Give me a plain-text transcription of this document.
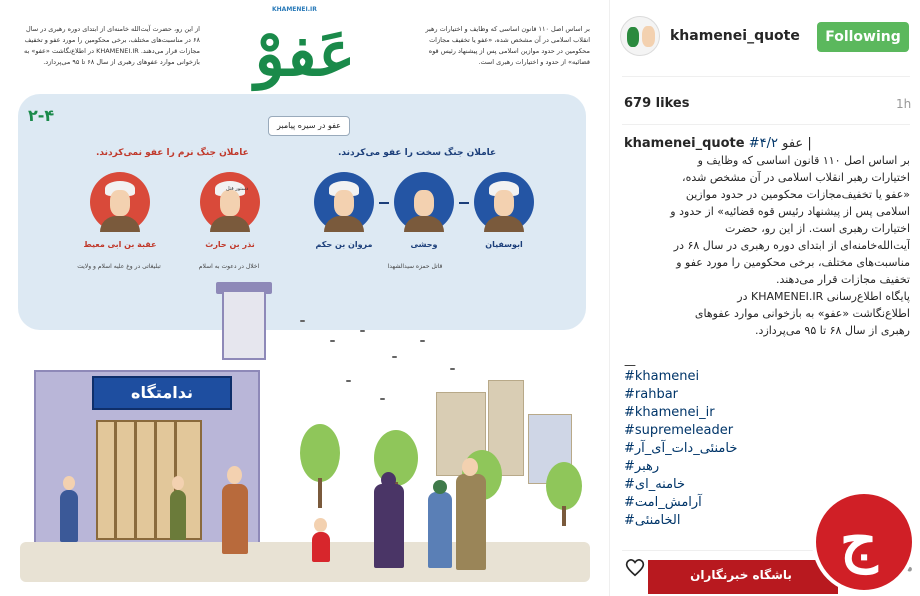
KHAMENEI.IR
بر اساس اصل ۱۱۰ قانون اساسی که وظایف و اختیارات رهبر انقلاب اسلامی در آن مشخص شده، «عفو یا تخفیف مجازات محکومین در حدود موازین اسلامی پس از پیشنهاد رئیس قوه قضائیه» از حدود و اختیارات رهبری است.
از این رو، حضرت آیت‌الله خامنه‌ای از ابتدای دوره رهبری در سال ۶۸ در مناسبت‌های مختلف، برخی محکومین را مورد عفو و تخفیف مجازات قرار می‌دهند. KHAMENEI.IR در اطلاع‌نگاشت «عفو» به بازخوانی موارد عفوهای رهبری از سال ۶۸ تا ۹۵ می‌پردازد. عَفوْ
۲-۴
عفو در سیره پیامبر
عاملان جنگ نرم را عفو نمی‌کردند.	عاملان جنگ سخت را عفو می‌کردند.
دستور قتل
ابوسفیان
وحشی
مروان بن حکم
نذر بن حارث
عقبة بن ابی معیط
قاتل حمزه سیدالشهدا
اخلال در دعوت به اسلام
تبلیغاتی در وغ علیه اسلام و ولایت
ندامتگاه
khamenei_quote	Following
679 likes	1h
khamenei_quote #۴/۲ عفو |
بر اساس اصل ۱۱۰ قانون اساسی که وظایف و
اختیارات رهبر انقلاب اسلامی در آن مشخص شده،
«عفو یا تخفیف‌مجازات محکومین در حدود موازین
اسلامی پس از پیشنهاد رئیس قوه قضائیه» از حدود و
اختیارات رهبری است. از این رو، حضرت
آیت‌الله‌خامنه‌ای از ابتدای دوره رهبری در سال ۶۸ در
مناسبت‌های مختلف، برخی محکومین را مورد عفو و
تخفیف مجازات قرار می‌دهند.
پایگاه اطلاع‌رسانی KHAMENEI.IR در
اطلاع‌نگاشت «عفو» به بازخوانی موارد عفوهای
رهبری از سال ۶۸ تا ۹۵ می‌پردازد.
—
#khamenei
#rahbar
#khamenei_ir
#supremeleader
#خامنئی_دات_آی_آر
#رهبر
#خامنه_ای
#آرامش_امت
#الخامنئی
باشگاه خبرنگاران
ج
